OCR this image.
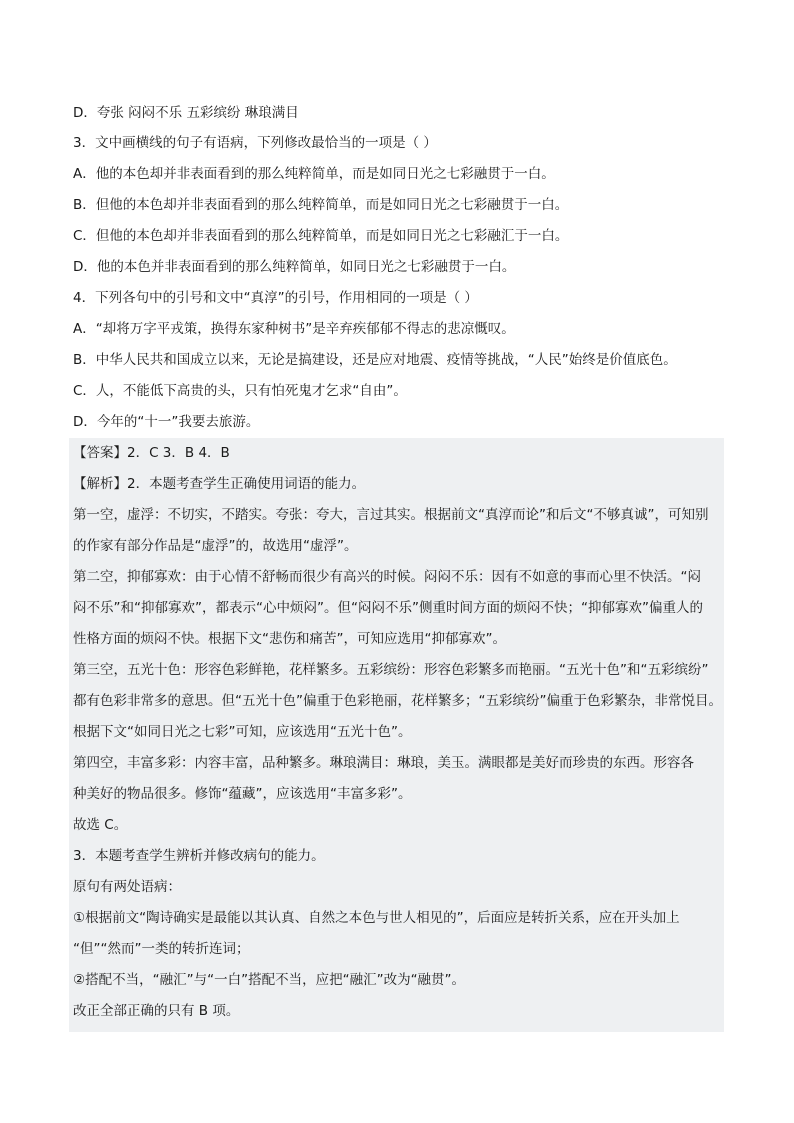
D．夸张 闷闷不乐 五彩缤纷 琳琅满目
3．文中画横线的句子有语病，下列修改最恰当的一项是（ ）
A．他的本色却并非表面看到的那么纯粹简单，而是如同日光之七彩融贯于一白。
B．但他的本色却并非表面看到的那么纯粹简单，而是如同日光之七彩融贯于一白。
C．但他的本色却并非表面看到的那么纯粹简单，而是如同日光之七彩融汇于一白。
D．他的本色并非表面看到的那么纯粹简单，如同日光之七彩融贯于一白。
4．下列各句中的引号和文中“真淳”的引号，作用相同的一项是（ ）
A．“却将万字平戎策，换得东家种树书”是辛弃疾郁郁不得志的悲凉慨叹。
B．中华人民共和国成立以来，无论是搞建设，还是应对地震、疫情等挑战，“人民”始终是价值底色。
C．人，不能低下高贵的头，只有怕死鬼才乞求“自由”。
D．今年的“十一”我要去旅游。
【答案】2．C 3．B 4．B
【解析】2．本题考查学生正确使用词语的能力。
第一空，虚浮：不切实，不踏实。夸张：夸大，言过其实。根据前文“真淳而论”和后文“不够真诚”，可知别
的作家有部分作品是“虚浮”的，故选用“虚浮”。
第二空，抑郁寡欢：由于心情不舒畅而很少有高兴的时候。闷闷不乐：因有不如意的事而心里不快活。“闷
闷不乐”和“抑郁寡欢”，都表示“心中烦闷”。但“闷闷不乐”侧重时间方面的烦闷不快；“抑郁寡欢”偏重人的
性格方面的烦闷不快。根据下文“悲伤和痛苦”，可知应选用“抑郁寡欢”。
第三空，五光十色：形容色彩鲜艳，花样繁多。五彩缤纷：形容色彩繁多而艳丽。“五光十色”和“五彩缤纷”
都有色彩非常多的意思。但“五光十色”偏重于色彩艳丽，花样繁多；“五彩缤纷”偏重于色彩繁杂，非常悦目。
根据下文“如同日光之七彩”可知，应该选用“五光十色”。
第四空，丰富多彩：内容丰富，品种繁多。琳琅满目：琳琅，美玉。满眼都是美好而珍贵的东西。形容各
种美好的物品很多。修饰“蕴藏”，应该选用“丰富多彩”。
故选 C。
3．本题考查学生辨析并修改病句的能力。
原句有两处语病：
①根据前文“陶诗确实是最能以其认真、自然之本色与世人相见的”，后面应是转折关系，应在开头加上
“但”“然而”一类的转折连词；
②搭配不当，“融汇”与“一白”搭配不当，应把“融汇”改为“融贯”。
改正全部正确的只有 B 项。
